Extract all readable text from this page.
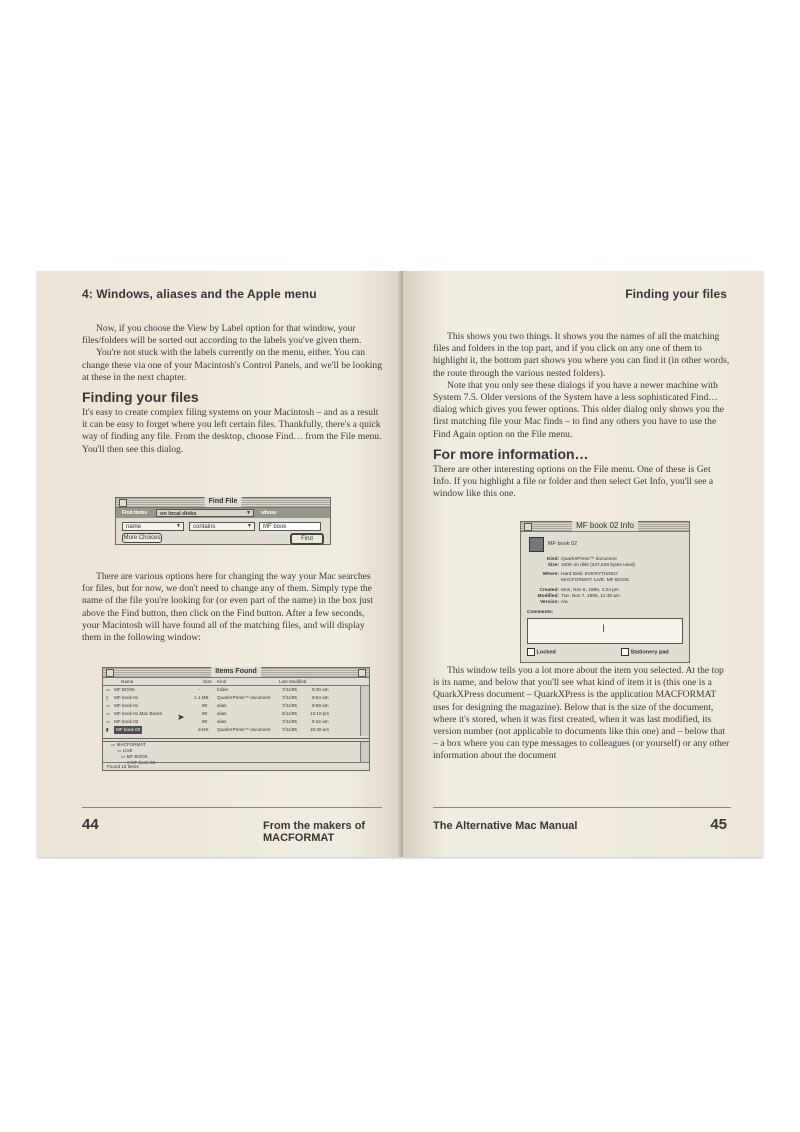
4: Windows, aliases and the Apple menu

Now, if you choose the View by Label option for that window, your files/folders will be sorted out according to the labels you've given them.

You're not stuck with the labels currently on the menu, either. You can change these via one of your Macintosh's Control Panels, and we'll be looking at these in the next chapter.

Finding your files

It's easy to create complex filing systems on your Macintosh – and as a result it can be easy to forget where you left certain files. Thankfully, there's a quick way of finding any file. From the desktop, choose Find… from the File menu. You'll then see this dialog.

Find File
Find items	on local disks	▼ whose
name	▼	contains	▼	MF book
More Choices	Find

There are various options here for changing the way your Mac searches for files, but for now, we don't need to change any of them. Simply type the name of the file you're looking for (or even part of the name) in the box just above the Find button, then click on the Find button. After a few seconds, your Macintosh will have found all of the matching files, and will display them in the following window:

Items Found
Name	Size Kind	Last Modified
▭ MF BOOK	–	folder	7/11/95	9:30 am
▯ MF book 01	1.1 MB QuarkXPress™ document	7/11/95	9:54 am
▱ MF book 01	8K alias	7/11/95	9:58 am
▱ MF book 01 Mac Backs	8K alias	6/11/95	12:10 pm
▱ MF book 02	8K alias	7/11/95	9:42 am
▮	MF book 02	244K QuarkXPress™ document	7/11/95	10:40 am
➤
▭ MACFORMAT
▭ LIVE
▭ MF BOOK
▯ MF book 02
Found 15 items
44	From the makers of MACFORMAT
Finding your files

This shows you two things. It shows you the names of all the matching files and folders in the top part, and if you click on any one of them to highlight it, the bottom part shows you where you can find it (in other words, the route through the various nested folders).

Note that you only see these dialogs if you have a newer machine with System 7.5. Older versions of the System have a less sophisticated Find… dialog which gives you fewer options. This older dialog only shows you the first matching file your Mac finds – to find any others you have to use the Find Again option on the File menu.

For more information…

There are other interesting options on the File menu. One of these is Get Info. If you highlight a file or folder and then select Get Info, you'll see a window like this one.

MF book 02 Info
MF book 02
Kind: QuarkXPress™ document
Size: 340K on disk (347,648 bytes used)
Where: Hard Disk: EVERYTHING!:
MACFORMAT: LIVE: MF BOOK:
Created: Mon, Nov 6, 1995, 4:24 pm
Modified: Tue, Nov 7, 1995, 11:49 am
Version: n/a
Comments:
I
Locked	Stationery pad

This window tells you a lot more about the item you selected. At the top is its name, and below that you'll see what kind of item it is (this one is a QuarkXPress document – QuarkXPress is the application MACFORMAT uses for designing the magazine). Below that is the size of the document, where it's stored, when it was first created, when it was last modified, its version number (not applicable to documents like this one) and – below that – a box where you can type messages to colleagues (or yourself) or any other information about the document

The Alternative Mac Manual	45
